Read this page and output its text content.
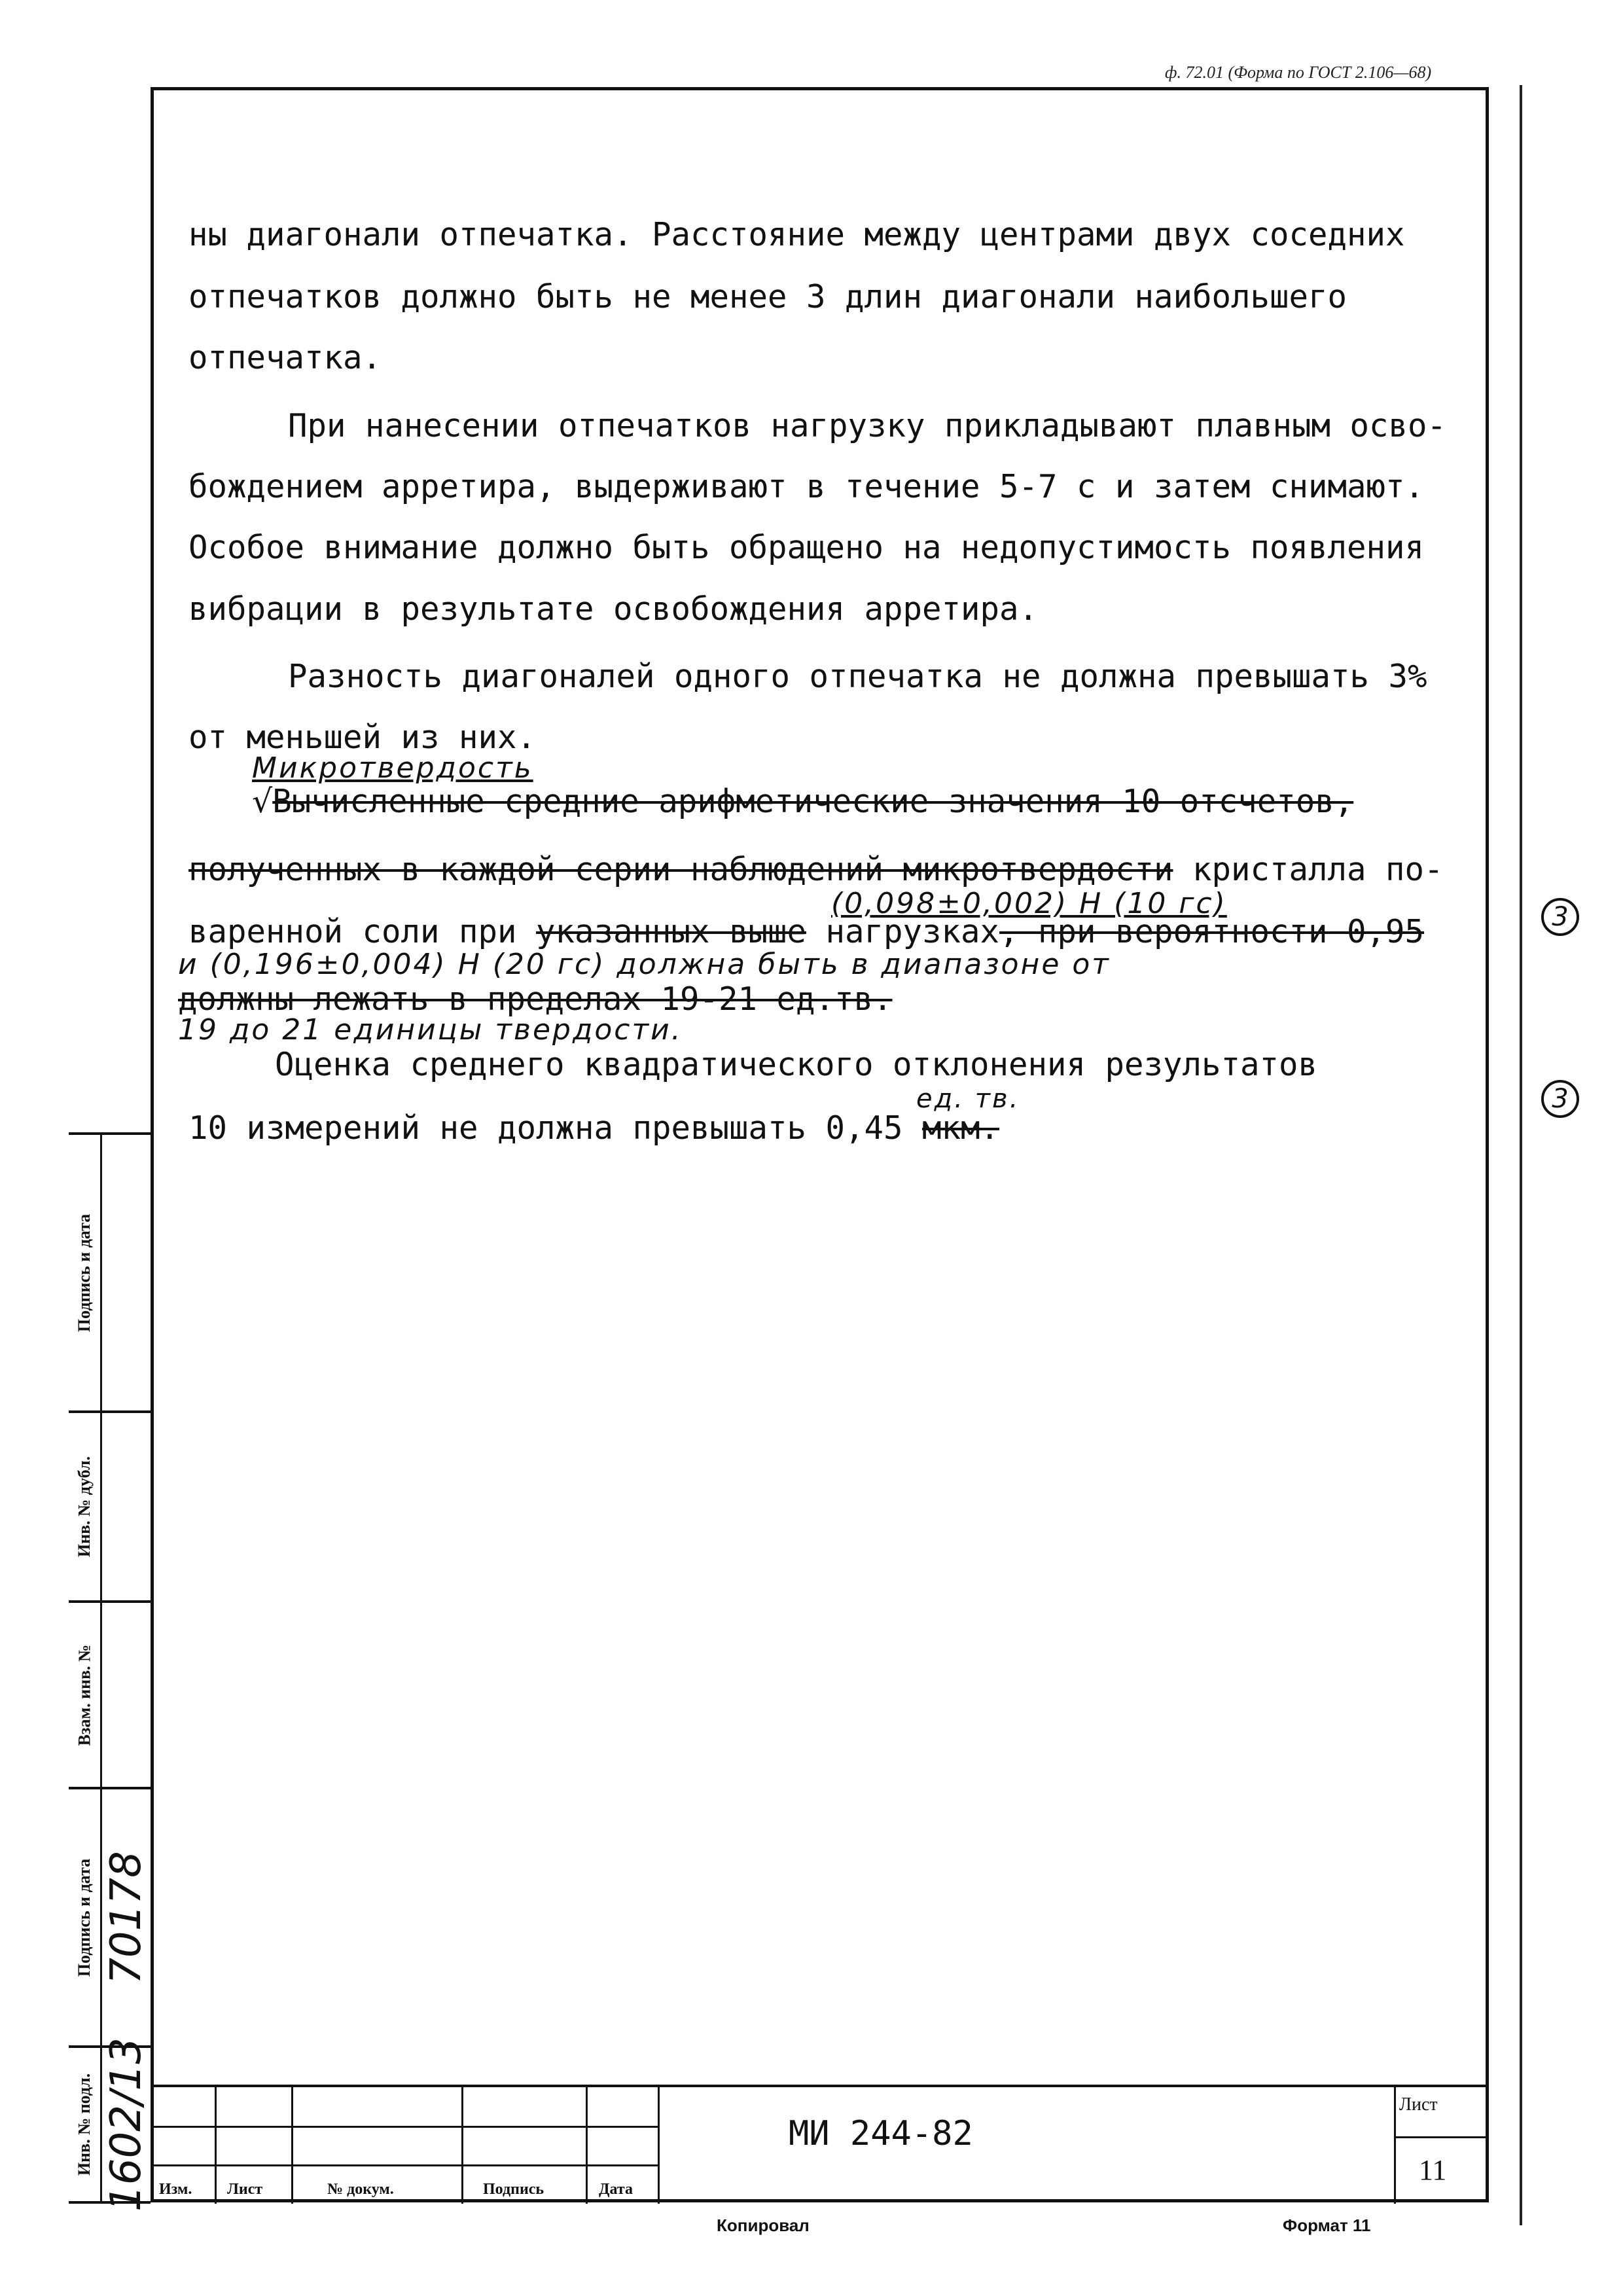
ф. 72.01 (Форма по ГОСТ 2.106—68)
ны диагонали отпечатка. Расстояние между центрами двух соседних
отпечатков должно быть не менее 3 длин диагонали наибольшего
отпечатка.
При нанесении отпечатков нагрузку прикладывают плавным осво-
бождением арретира, выдерживают в течение 5-7 с и затем снимают.
Особое внимание должно быть обращено на недопустимость появления
вибрации в результате освобождения арретира.
Разность диагоналей одного отпечатка не должна превышать 3%
от меньшей из них.
Микротвердость
√Вычисленные средние арифметические значения 10 отсчетов,
полученных в каждой серии наблюдений микротвердости кристалла по-
(0,098±0,002) Н (10 гс)
варенной соли при указанных выше нагрузках, при вероятности 0,95
и (0,196±0,004) Н (20 гс) должна быть в диапазоне от
должны лежать в пределах 19-21 ед.тв.
19 до 21 единицы твердости.
Оценка среднего квадратического отклонения результатов
ед. тв.
10 измерений не должна превышать 0,45 мкм.
3
3
Подпись и дата
Инв. № дубл.
Взам. инв. №
Подпись и дата 70178
Инв. № подл. 1602/13 Изм. Лист	№ докум.	Подпись	Дата
МИ 244-82
Лист
11
Копировал	Формат 11
